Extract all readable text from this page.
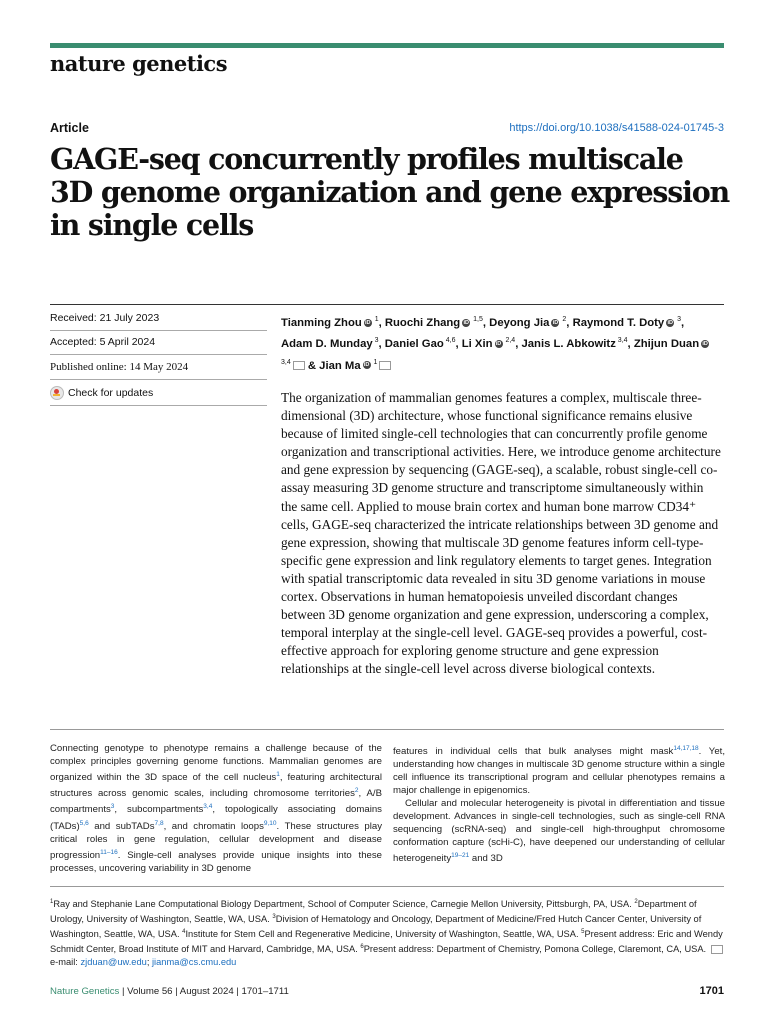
nature genetics
Article	https://doi.org/10.1038/s41588-024-01745-3
GAGE-seq concurrently profiles multiscale 3D genome organization and gene expression in single cells
Received: 21 July 2023
Accepted: 5 April 2024
Published online: 14 May 2024
Check for updates
Tianming Zhou iD $^1$, Ruochi Zhang iD $^{1,5}$, Deyong Jia iD $^2$, Raymond T. Doty iD $^3$, Adam D. Munday $^3$, Daniel Gao $^{4,6}$, Li Xin iD $^{2,4}$, Janis L. Abkowitz $^{3,4}$, Zhijun Duan iD $^{3,4}$ & Jian Ma iD $^1$

The organization of mammalian genomes features a complex, multiscale three-dimensional (3D) architecture, whose functional significance remains elusive because of limited single-cell technologies that can concurrently profile genome organization and transcriptional activities. Here, we introduce genome architecture and gene expression by sequencing (GAGE-seq), a scalable, robust single-cell co-assay measuring 3D genome structure and transcriptome simultaneously within the same cell. Applied to mouse brain cortex and human bone marrow CD34⁺ cells, GAGE-seq characterized the intricate relationships between 3D genome and gene expression, showing that multiscale 3D genome features inform cell-type-specific gene expression and link regulatory elements to target genes. Integration with spatial transcriptomic data revealed in situ 3D genome variations in mouse cortex. Observations in human hematopoiesis unveiled discordant changes between 3D genome organization and gene expression, underscoring a complex, temporal interplay at the single-cell level. GAGE-seq provides a powerful, cost-effective approach for exploring genome structure and gene expression relationships at the single-cell level across diverse biological contexts.

Connecting genotype to phenotype remains a challenge because of the complex principles governing genome functions. Mammalian genomes are organized within the 3D space of the cell nucleus$^1$, featuring architectural structures across genomic scales, including chromosome territories$^2$, A/B compartments$^3$, subcompartments$^{3,4}$, topologically associating domains (TADs)$^{5,6}$ and subTADs$^{7,8}$, and chromatin loops$^{9,10}$. These structures play critical roles in gene regulation, cellular development and disease progression$^{11-16}$. Single-cell analyses provide unique insights into these processes, uncovering variability in 3D genome

features in individual cells that bulk analyses might mask$^{14,17,18}$. Yet, understanding how changes in multiscale 3D genome structure within a single cell influence its transcriptional program and cellular phenotypes remains a major challenge in epigenomics.

Cellular and molecular heterogeneity is pivotal in differentiation and tissue development. Advances in single-cell technologies, such as single-cell RNA sequencing (scRNA-seq) and single-cell high-throughput chromosome conformation capture (scHi-C), have deepened our understanding of cellular heterogeneity$^{19-21}$ and 3D

$^1$Ray and Stephanie Lane Computational Biology Department, School of Computer Science, Carnegie Mellon University, Pittsburgh, PA, USA. $^2$Department of Urology, University of Washington, Seattle, WA, USA. $^3$Division of Hematology and Oncology, Department of Medicine/Fred Hutch Cancer Center, University of Washington, Seattle, WA, USA. $^4$Institute for Stem Cell and Regenerative Medicine, University of Washington, Seattle, WA, USA. $^5$Present address: Eric and Wendy Schmidt Center, Broad Institute of MIT and Harvard, Cambridge, MA, USA. $^6$Present address: Department of Chemistry, Pomona College, Claremont, CA, USA. e-mail: zjduan@uw.edu; jianma@cs.cmu.edu

Nature Genetics | Volume 56 | August 2024 | 1701–1711	1701
